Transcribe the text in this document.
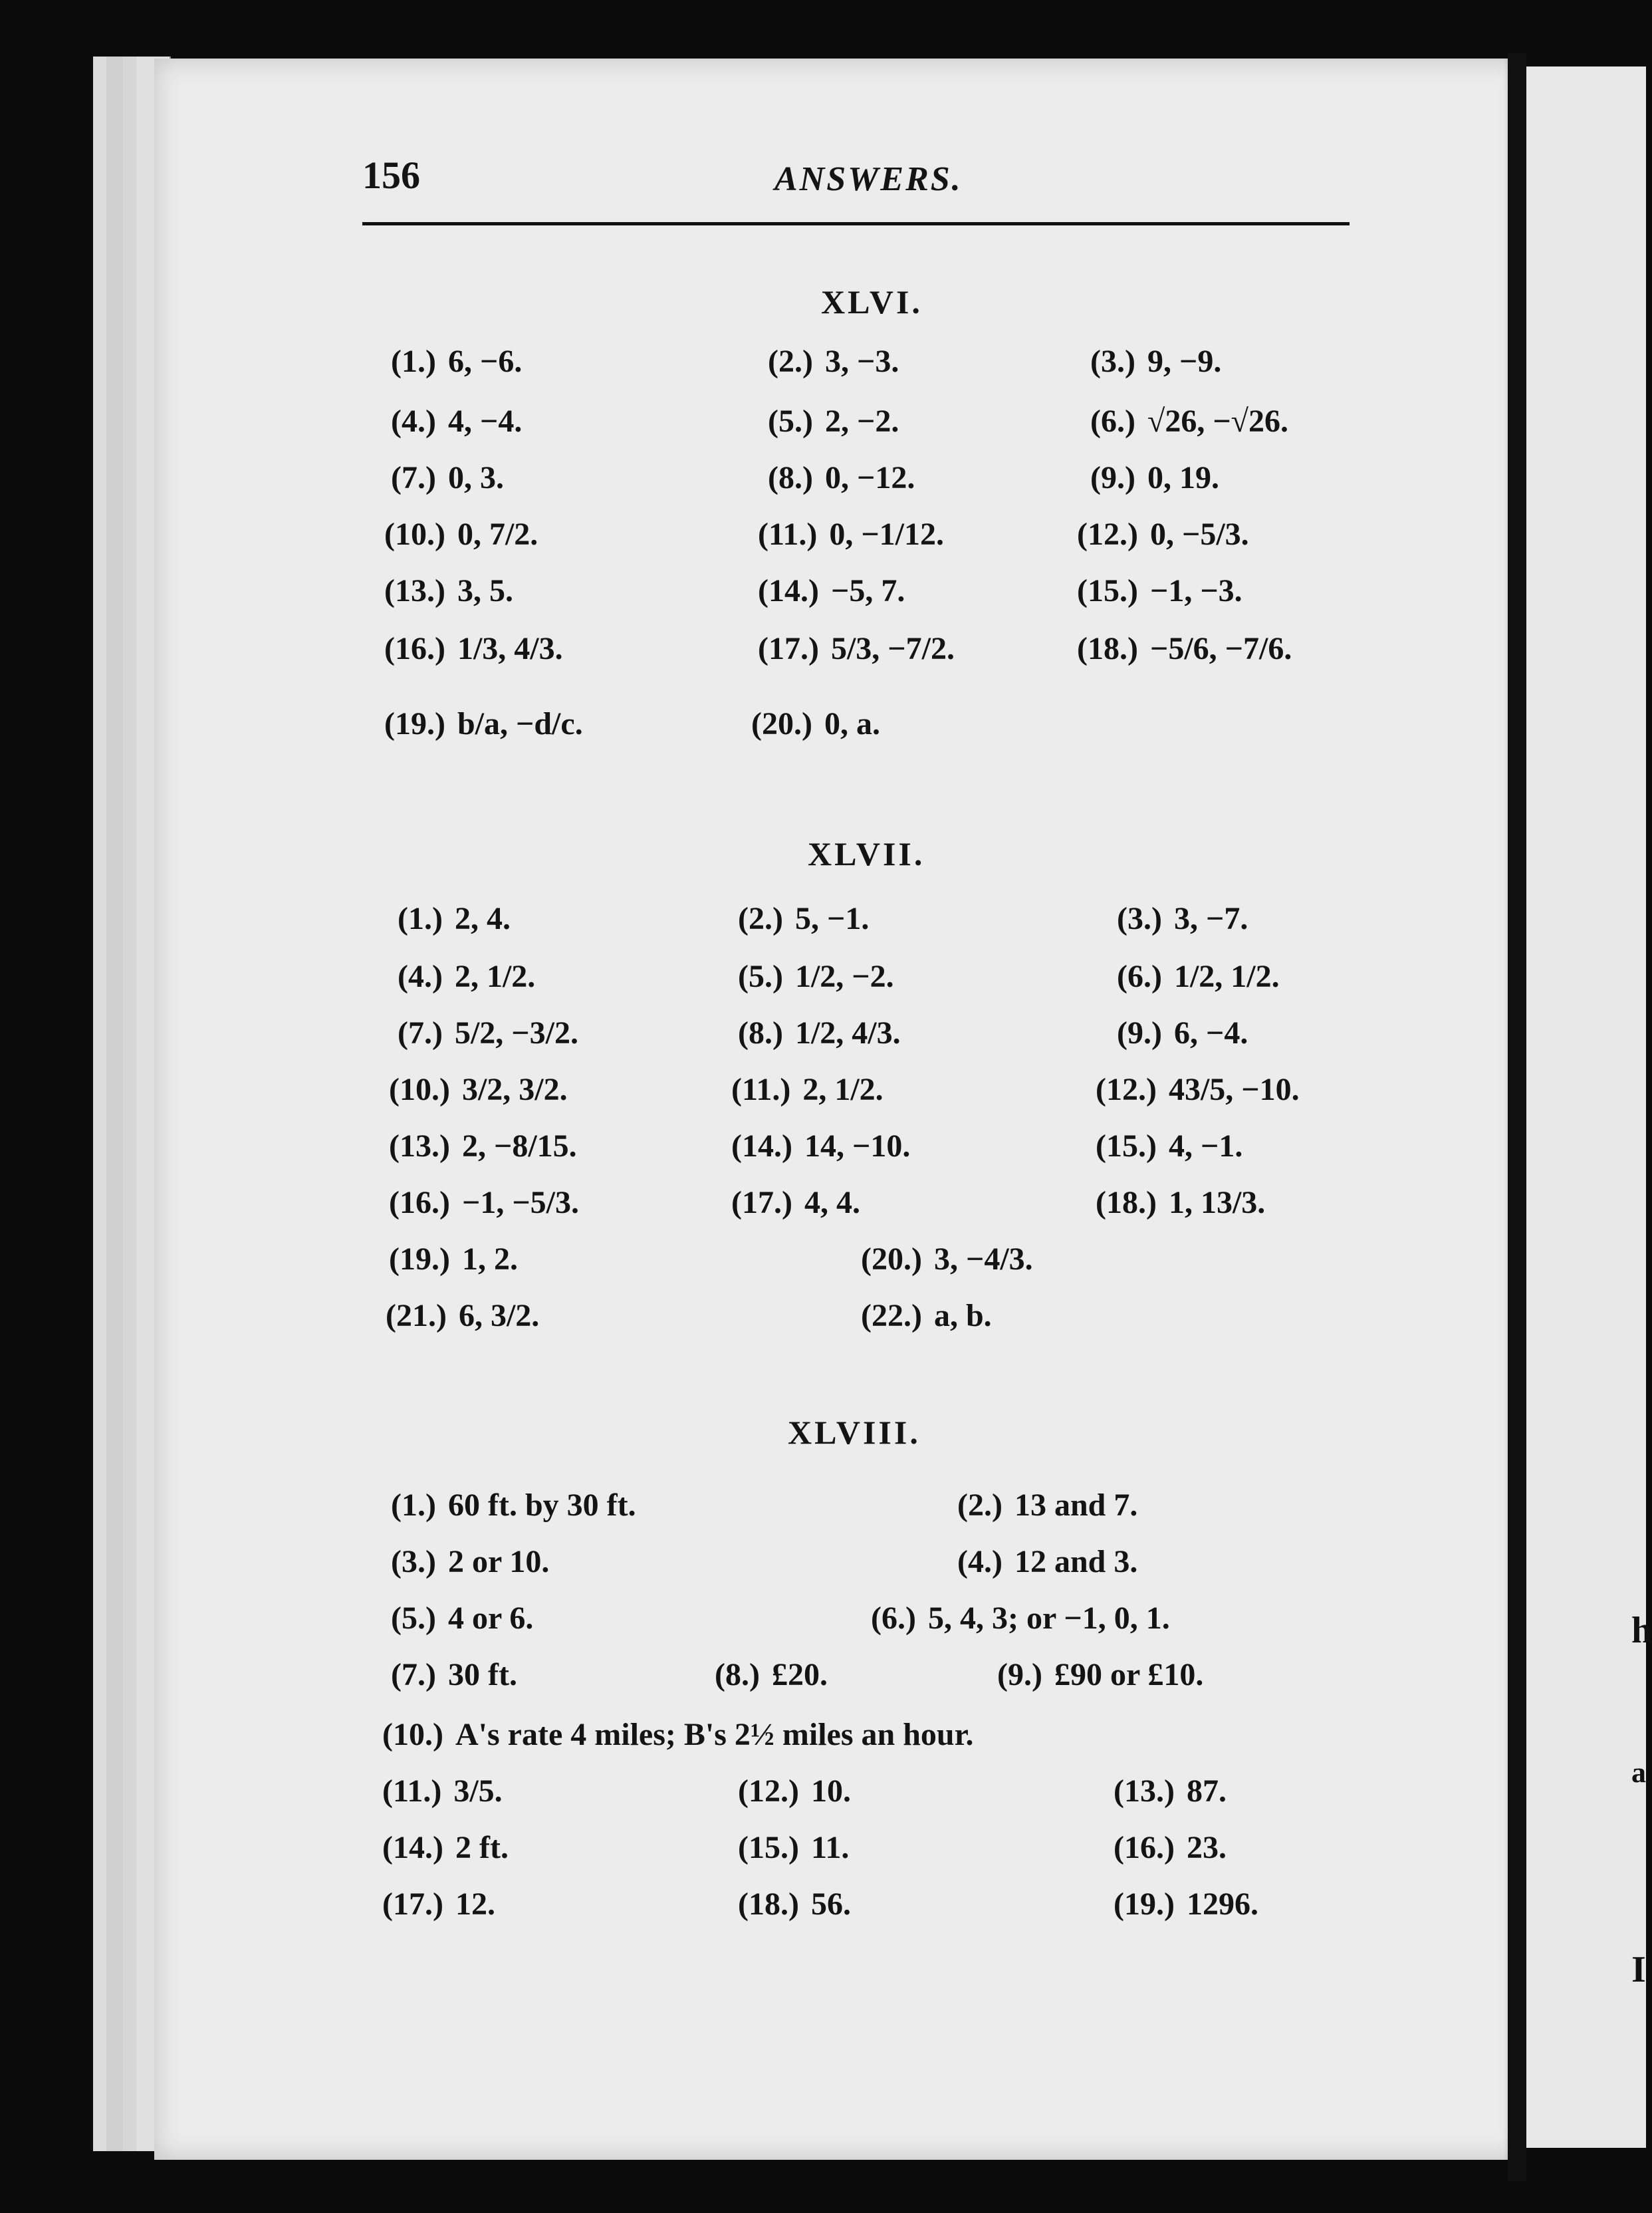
h
a
I
156	ANSWERS.
XLVI.
(1.) 6, −6.	(2.) 3, −3.	(3.) 9, −9.
(4.) 4, −4.	(5.) 2, −2.	(6.) √26, −√26.
(7.) 0, 3.	(8.) 0, −12.	(9.) 0, 19.
(10.) 0, 7/2.	(11.) 0, −1/12.	(12.) 0, −5/3.
(13.) 3, 5.	(14.) −5, 7.	(15.) −1, −3.
(16.) 1/3, 4/3.	(17.) 5/3, −7/2.	(18.) −5/6, −7/6.
(19.) b/a, −d/c.	(20.) 0, a.
XLVII.
(1.) 2, 4.	(2.) 5, −1.	(3.) 3, −7.
(4.) 2, 1/2.	(5.) 1/2, −2.	(6.) 1/2, 1/2.
(7.) 5/2, −3/2.	(8.) 1/2, 4/3.	(9.) 6, −4.
(10.) 3/2, 3/2.	(11.) 2, 1/2.	(12.) 43/5, −10.
(13.) 2, −8/15.	(14.) 14, −10.	(15.) 4, −1.
(16.) −1, −5/3.	(17.) 4, 4.	(18.) 1, 13/3.
(19.) 1, 2.	(20.) 3, −4/3.
(21.) 6, 3/2.	(22.) a, b.
XLVIII.
(1.) 60 ft. by 30 ft.	(2.) 13 and 7.
(3.) 2 or 10.	(4.) 12 and 3.
(5.) 4 or 6.	(6.) 5, 4, 3; or −1, 0, 1.
(7.) 30 ft.	(8.) £20.	(9.) £90 or £10.
(10.) A's rate 4 miles; B's 2½ miles an hour.
(11.) 3/5.	(12.) 10.	(13.) 87.
(14.) 2 ft.	(15.) 11.	(16.) 23.
(17.) 12.	(18.) 56.	(19.) 1296.
